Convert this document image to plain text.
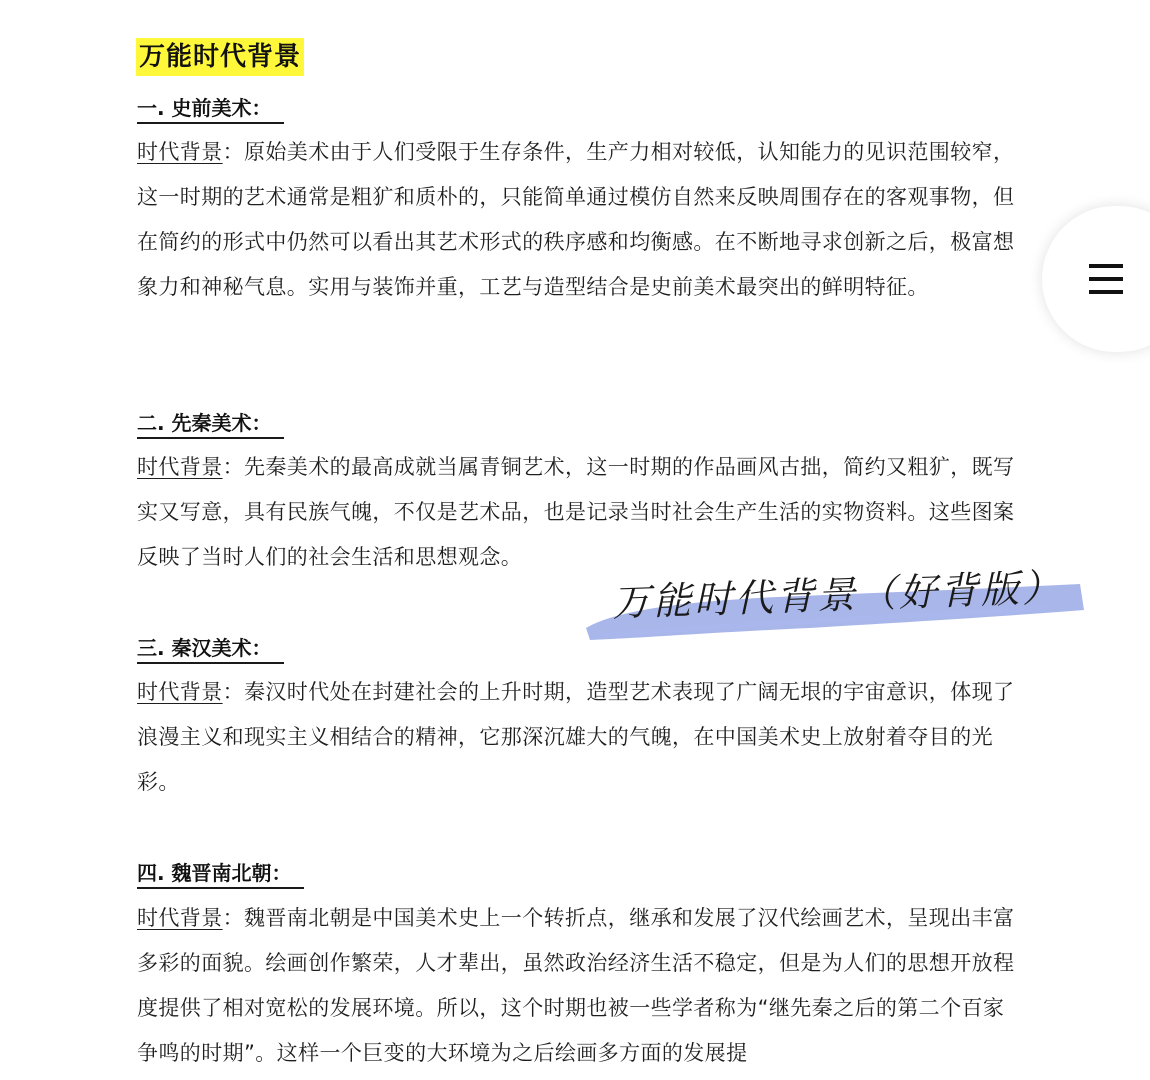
万能时代背景
一. 史前美术：
时代背景：原始美术由于人们受限于生存条件，生产力相对较低，认知能力的见识范围较窄，这一时期的艺术通常是粗犷和质朴的，只能简单通过模仿自然来反映周围存在的客观事物，但在简约的形式中仍然可以看出其艺术形式的秩序感和均衡感。在不断地寻求创新之后，极富想象力和神秘气息。实用与装饰并重，工艺与造型结合是史前美术最突出的鲜明特征。
二. 先秦美术：
时代背景：先秦美术的最高成就当属青铜艺术，这一时期的作品画风古拙，简约又粗犷，既写实又写意，具有民族气魄，不仅是艺术品，也是记录当时社会生产生活的实物资料。这些图案反映了当时人们的社会生活和思想观念。
三. 秦汉美术：
时代背景：秦汉时代处在封建社会的上升时期，造型艺术表现了广阔无垠的宇宙意识，体现了浪漫主义和现实主义相结合的精神，它那深沉雄大的气魄，在中国美术史上放射着夺目的光彩。
四. 魏晋南北朝：
时代背景：魏晋南北朝是中国美术史上一个转折点，继承和发展了汉代绘画艺术，呈现出丰富多彩的面貌。绘画创作繁荣，人才辈出，虽然政治经济生活不稳定，但是为人们的思想开放程度提供了相对宽松的发展环境。所以，这个时期也被一些学者称为“继先秦之后的第二个百家争鸣的时期”。这样一个巨变的大环境为之后绘画多方面的发展提
万能时代背景（好背版）
